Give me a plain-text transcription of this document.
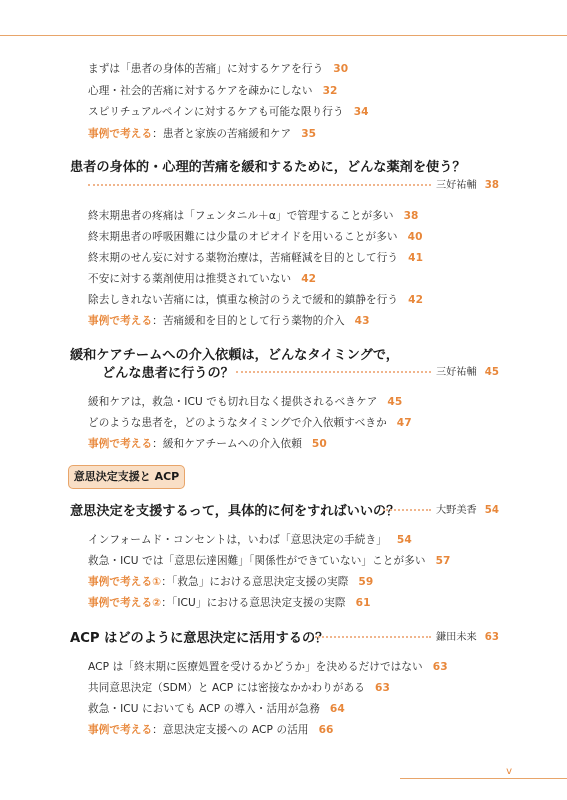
まずは「患者の身体的苦痛」に対するケアを行う 30
心理・社会的苦痛に対するケアを疎かにしない 32
スピリチュアルペインに対するケアも可能な限り行う 34
事例で考える：患者と家族の苦痛緩和ケア 35
患者の身体的・心理的苦痛を緩和するために，どんな薬剤を使う？
三好祐輔 38
終末期患者の疼痛は「フェンタニル＋α」で管理することが多い 38
終末期患者の呼吸困難には少量のオピオイドを用いることが多い 40
終末期のせん妄に対する薬物治療は，苦痛軽減を目的として行う 41
不安に対する薬剤使用は推奨されていない 42
除去しきれない苦痛には，慎重な検討のうえで緩和的鎮静を行う 42
事例で考える：苦痛緩和を目的として行う薬物的介入 43
緩和ケアチームへの介入依頼は，どんなタイミングで，
どんな患者に行うの？	三好祐輔 45
緩和ケアは，救急・ICU でも切れ目なく提供されるべきケア 45
どのような患者を，どのようなタイミングで介入依頼すべきか 47
事例で考える：緩和ケアチームへの介入依頼 50
意思決定支援と ACP
意思決定を支援するって，具体的に何をすればいいの？	大野美香 54
インフォームド・コンセントは，いわば「意思決定の手続き」 54
救急・ICU では「意思伝達困難」「関係性ができていない」ことが多い 57
事例で考える①：「救急」における意思決定支援の実際 59
事例で考える②：「ICU」における意思決定支援の実際 61
ACP はどのように意思決定に活用するの？	鎌田未来 63
ACP は「終末期に医療処置を受けるかどうか」を決めるだけではない 63
共同意思決定（SDM）と ACP には密接なかかわりがある 63
救急・ICU においても ACP の導入・活用が急務 64
事例で考える：意思決定支援への ACP の活用 66
v
